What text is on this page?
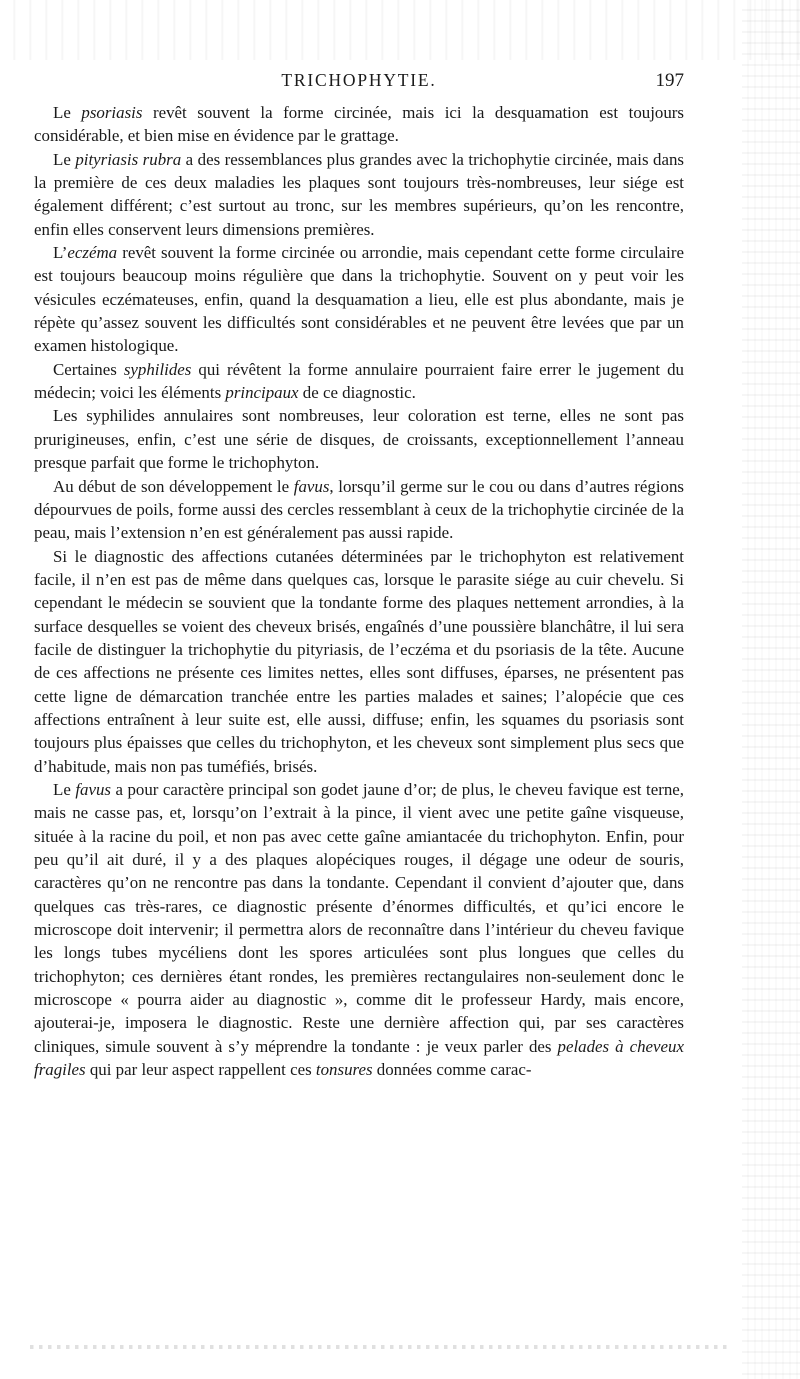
TRICHOPHYTIE.	197

Le psoriasis revêt souvent la forme circinée, mais ici la desquamation est toujours considérable, et bien mise en évidence par le grattage.

Le pityriasis rubra a des ressemblances plus grandes avec la trichophytie circinée, mais dans la première de ces deux maladies les plaques sont toujours très-nombreuses, leur siége est également différent; c’est surtout au tronc, sur les membres supérieurs, qu’on les rencontre, enfin elles conservent leurs dimensions premières.

L’eczéma revêt souvent la forme circinée ou arrondie, mais cependant cette forme circulaire est toujours beaucoup moins régulière que dans la trichophytie. Souvent on y peut voir les vésicules eczémateuses, enfin, quand la desquamation a lieu, elle est plus abondante, mais je répète qu’assez souvent les difficultés sont considérables et ne peuvent être levées que par un examen histologique.

Certaines syphilides qui révêtent la forme annulaire pourraient faire errer le jugement du médecin; voici les éléments principaux de ce diagnostic.

Les syphilides annulaires sont nombreuses, leur coloration est terne, elles ne sont pas prurigineuses, enfin, c’est une série de disques, de croissants, exceptionnellement l’anneau presque parfait que forme le trichophyton.

Au début de son développement le favus, lorsqu’il germe sur le cou ou dans d’autres régions dépourvues de poils, forme aussi des cercles ressemblant à ceux de la trichophytie circinée de la peau, mais l’extension n’en est généralement pas aussi rapide.

Si le diagnostic des affections cutanées déterminées par le trichophyton est relativement facile, il n’en est pas de même dans quelques cas, lorsque le parasite siége au cuir chevelu. Si cependant le médecin se souvient que la tondante forme des plaques nettement arrondies, à la surface desquelles se voient des cheveux brisés, engaînés d’une poussière blanchâtre, il lui sera facile de distinguer la trichophytie du pityriasis, de l’eczéma et du psoriasis de la tête. Aucune de ces affections ne présente ces limites nettes, elles sont diffuses, éparses, ne présentent pas cette ligne de démarcation tranchée entre les parties malades et saines; l’alopécie que ces affections entraînent à leur suite est, elle aussi, diffuse; enfin, les squames du psoriasis sont toujours plus épaisses que celles du trichophyton, et les cheveux sont simplement plus secs que d’habitude, mais non pas tuméfiés, brisés.

Le favus a pour caractère principal son godet jaune d’or; de plus, le cheveu favique est terne, mais ne casse pas, et, lorsqu’on l’extrait à la pince, il vient avec une petite gaîne visqueuse, située à la racine du poil, et non pas avec cette gaîne amiantacée du trichophyton. Enfin, pour peu qu’il ait duré, il y a des plaques alopéciques rouges, il dégage une odeur de souris, caractères qu’on ne rencontre pas dans la tondante. Cependant il convient d’ajouter que, dans quelques cas très-rares, ce diagnostic présente d’énormes difficultés, et qu’ici encore le microscope doit intervenir; il permettra alors de reconnaître dans l’intérieur du cheveu favique les longs tubes mycéliens dont les spores articulées sont plus longues que celles du trichophyton; ces dernières étant rondes, les premières rectangulaires non-seulement donc le microscope « pourra aider au diagnostic », comme dit le professeur Hardy, mais encore, ajouterai-je, imposera le diagnostic. Reste une dernière affection qui, par ses caractères cliniques, simule souvent à s’y méprendre la tondante : je veux parler des pelades à cheveux fragiles qui par leur aspect rappellent ces tonsures données comme carac-
